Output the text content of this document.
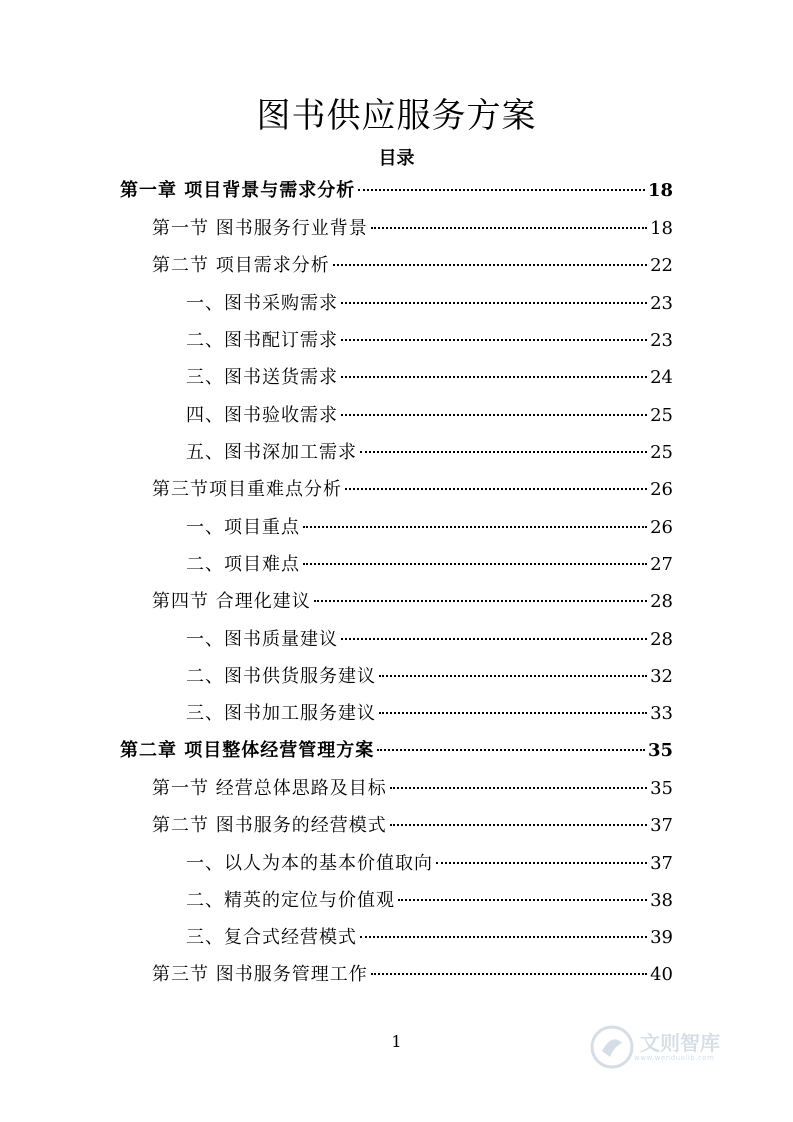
图书供应服务方案
目录
第一章 项目背景与需求分析	18
第一节 图书服务行业背景	18
第二节 项目需求分析	22
一、图书采购需求	23
二、图书配订需求	23
三、图书送货需求	24
四、图书验收需求	25
五、图书深加工需求	25
第三节项目重难点分析	26
一、项目重点	26
二、项目难点	27
第四节 合理化建议	28
一、图书质量建议	28
二、图书供货服务建议	32
三、图书加工服务建议	33
第二章 项目整体经营管理方案	35
第一节 经营总体思路及目标	35
第二节 图书服务的经营模式	37
一、以人为本的基本价值取向	37
二、精英的定位与价值观	38
三、复合式经营模式	39
第三节 图书服务管理工作	40
1	文则智库
www.wenduolib.com
